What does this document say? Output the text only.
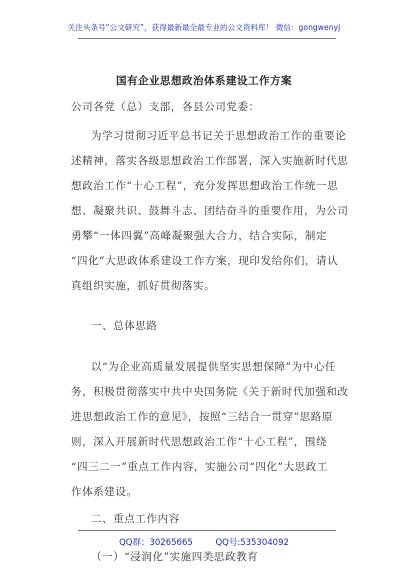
关注头条号“公文研究”，获得最新最全最专业的公文资料库！ 微信：gongwenyj
国有企业思想政治体系建设工作方案
公司各党（总）支部，各县公司党委：
为学习贯彻习近平总书记关于思想政治工作的重要论
述精神，落实各级思想政治工作部署，深入实施新时代思
想政治工作“十心工程”，充分发挥思想政治工作统一思
想、凝聚共识、鼓舞斗志、团结奋斗的重要作用，为公司
勇攀“一体四翼”高峰凝聚强大合力，结合实际，制定
“四化”大思政体系建设工作方案，现印发给你们，请认
真组织实施，抓好贯彻落实。
一、总体思路
以“为企业高质量发展提供坚实思想保障”为中心任
务，积极贯彻落实中共中央国务院《关于新时代加强和改
进思想政治工作的意见》，按照“三结合一贯穿”思路原
则，深入开展新时代思想政治工作“十心工程”，围绕
“四三二一”重点工作内容，实施公司“四化”大思政工
作体系建设。
二、重点工作内容
QQ群：30265665	QQ号:535304092
（一）“浸润化”实施四类思政教育
